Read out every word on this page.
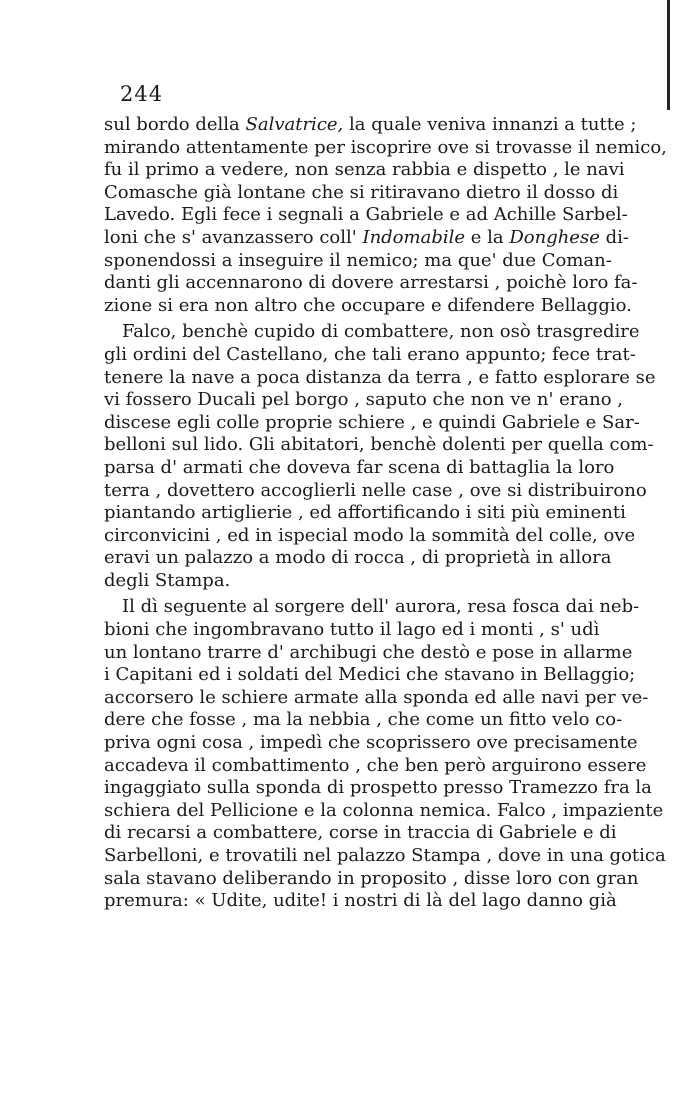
244
sul bordo della Salvatrice, la quale veniva innanzi a tutte ;
mirando attentamente per iscoprire ove si trovasse il nemico,
fu il primo a vedere, non senza rabbia e dispetto , le navi
Comasche già lontane che si ritiravano dietro il dosso di
Lavedo. Egli fece i segnali a Gabriele e ad Achille Sarbel-
loni che s' avanzassero coll' Indomabile e la Donghese di-
sponendossi a inseguire il nemico; ma que' due Coman-
danti gli accennarono di dovere arrestarsi , poichè loro fa-
zione si era non altro che occupare e difendere Bellaggio.
Falco, benchè cupido di combattere, non osò trasgredire
gli ordini del Castellano, che tali erano appunto; fece trat-
tenere la nave a poca distanza da terra , e fatto esplorare se
vi fossero Ducali pel borgo , saputo che non ve n' erano ,
discese egli colle proprie schiere , e quindi Gabriele e Sar-
belloni sul lido. Gli abitatori, benchè dolenti per quella com-
parsa d' armati che doveva far scena di battaglia la loro
terra , dovettero accoglierli nelle case , ove si distribuirono
piantando artiglierie , ed affortificando i siti più eminenti
circonvicini , ed in ispecial modo la sommità del colle, ove
eravi un palazzo a modo di rocca , di proprietà in allora
degli Stampa.
Il dì seguente al sorgere dell' aurora, resa fosca dai neb-
bioni che ingombravano tutto il lago ed i monti , s' udì
un lontano trarre d' archibugi che destò e pose in allarme
i Capitani ed i soldati del Medici che stavano in Bellaggio;
accorsero le schiere armate alla sponda ed alle navi per ve-
dere che fosse , ma la nebbia , che come un fitto velo co-
priva ogni cosa , impedì che scoprissero ove precisamente
accadeva il combattimento , che ben però arguirono essere
ingaggiato sulla sponda di prospetto presso Tramezzo fra la
schiera del Pellicione e la colonna nemica. Falco , impaziente
di recarsi a combattere, corse in traccia di Gabriele e di
Sarbelloni, e trovatili nel palazzo Stampa , dove in una gotica
sala stavano deliberando in proposito , disse loro con gran
premura: « Udite, udite! i nostri di là del lago danno già
